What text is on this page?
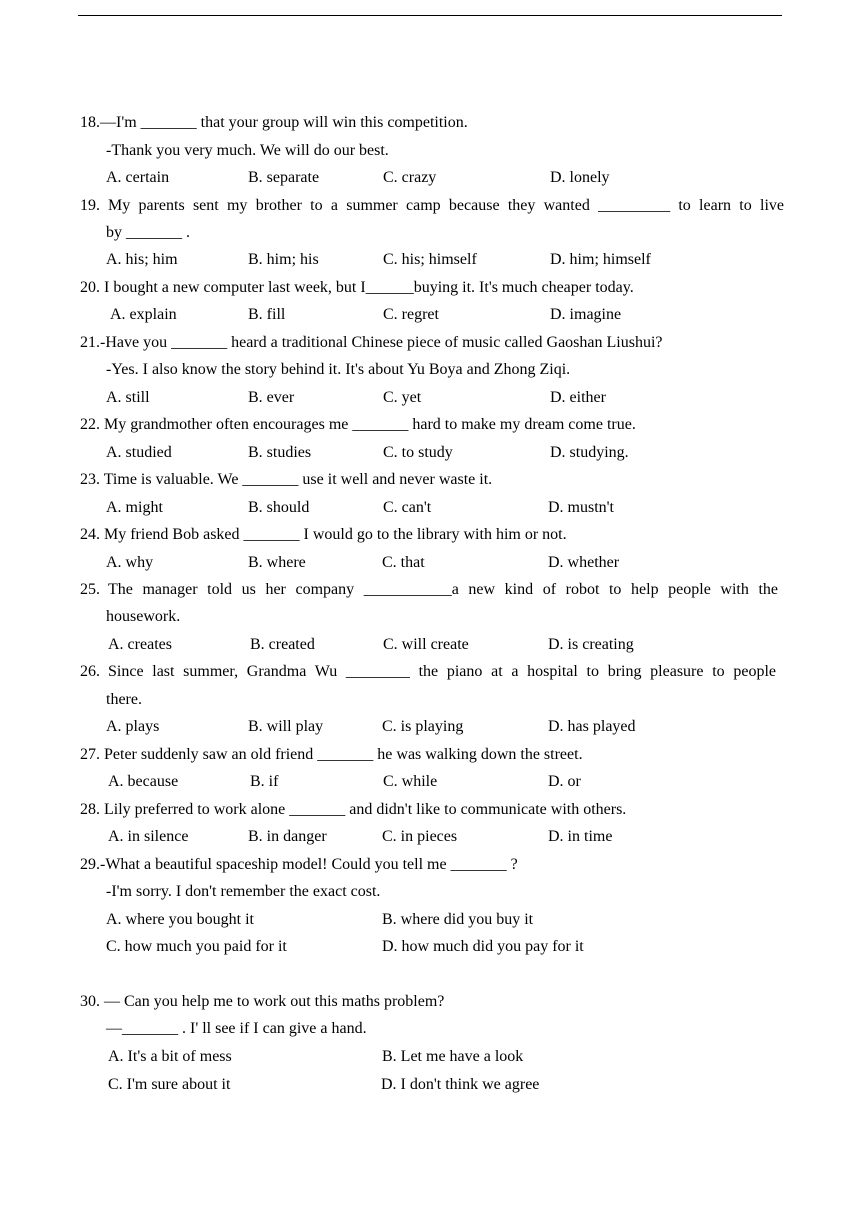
18.—I'm _______ that your group will win this competition.
-Thank you very much. We will do our best.
A. certain	B. separate	C. crazy	D. lonely
19. My parents sent my brother to a summer camp because they wanted _________ to learn to live
by _______ .
A. his; him	B. him; his	C. his; himself	D. him; himself
20. I bought a new computer last week, but I______buying it. It's much cheaper today.
A. explain	B. fill	C. regret	D. imagine
21.-Have you _______ heard a traditional Chinese piece of music called Gaoshan Liushui?
-Yes. I also know the story behind it. It's about Yu Boya and Zhong Ziqi.
A. still	B. ever	C. yet	D. either
22. My grandmother often encourages me _______ hard to make my dream come true.
A. studied	B. studies	C. to study	D. studying.
23. Time is valuable. We _______ use it well and never waste it.
A. might	B. should	C. can't	D. mustn't
24. My friend Bob asked _______ I would go to the library with him or not.
A. why	B. where	C. that	D. whether
25. The manager told us her company ___________a new kind of robot to help people with the
housework.
A. creates	B. created	C. will create	D. is creating
26. Since last summer, Grandma Wu ________ the piano at a hospital to bring pleasure to people
there.
A. plays	B. will play	C. is playing	D. has played
27. Peter suddenly saw an old friend _______ he was walking down the street.
A. because	B. if	C. while	D. or
28. Lily preferred to work alone _______ and didn't like to communicate with others.
A. in silence	B. in danger	C. in pieces	D. in time
29.-What a beautiful spaceship model! Could you tell me _______ ?
-I'm sorry. I don't remember the exact cost.
A. where you bought it	B. where did you buy it
C. how much you paid for it	D. how much did you pay for it
30. — Can you help me to work out this maths problem?
—_______ . I' ll see if I can give a hand.
A. It's a bit of mess	B. Let me have a look
C. I'm sure about it	D. I don't think we agree
